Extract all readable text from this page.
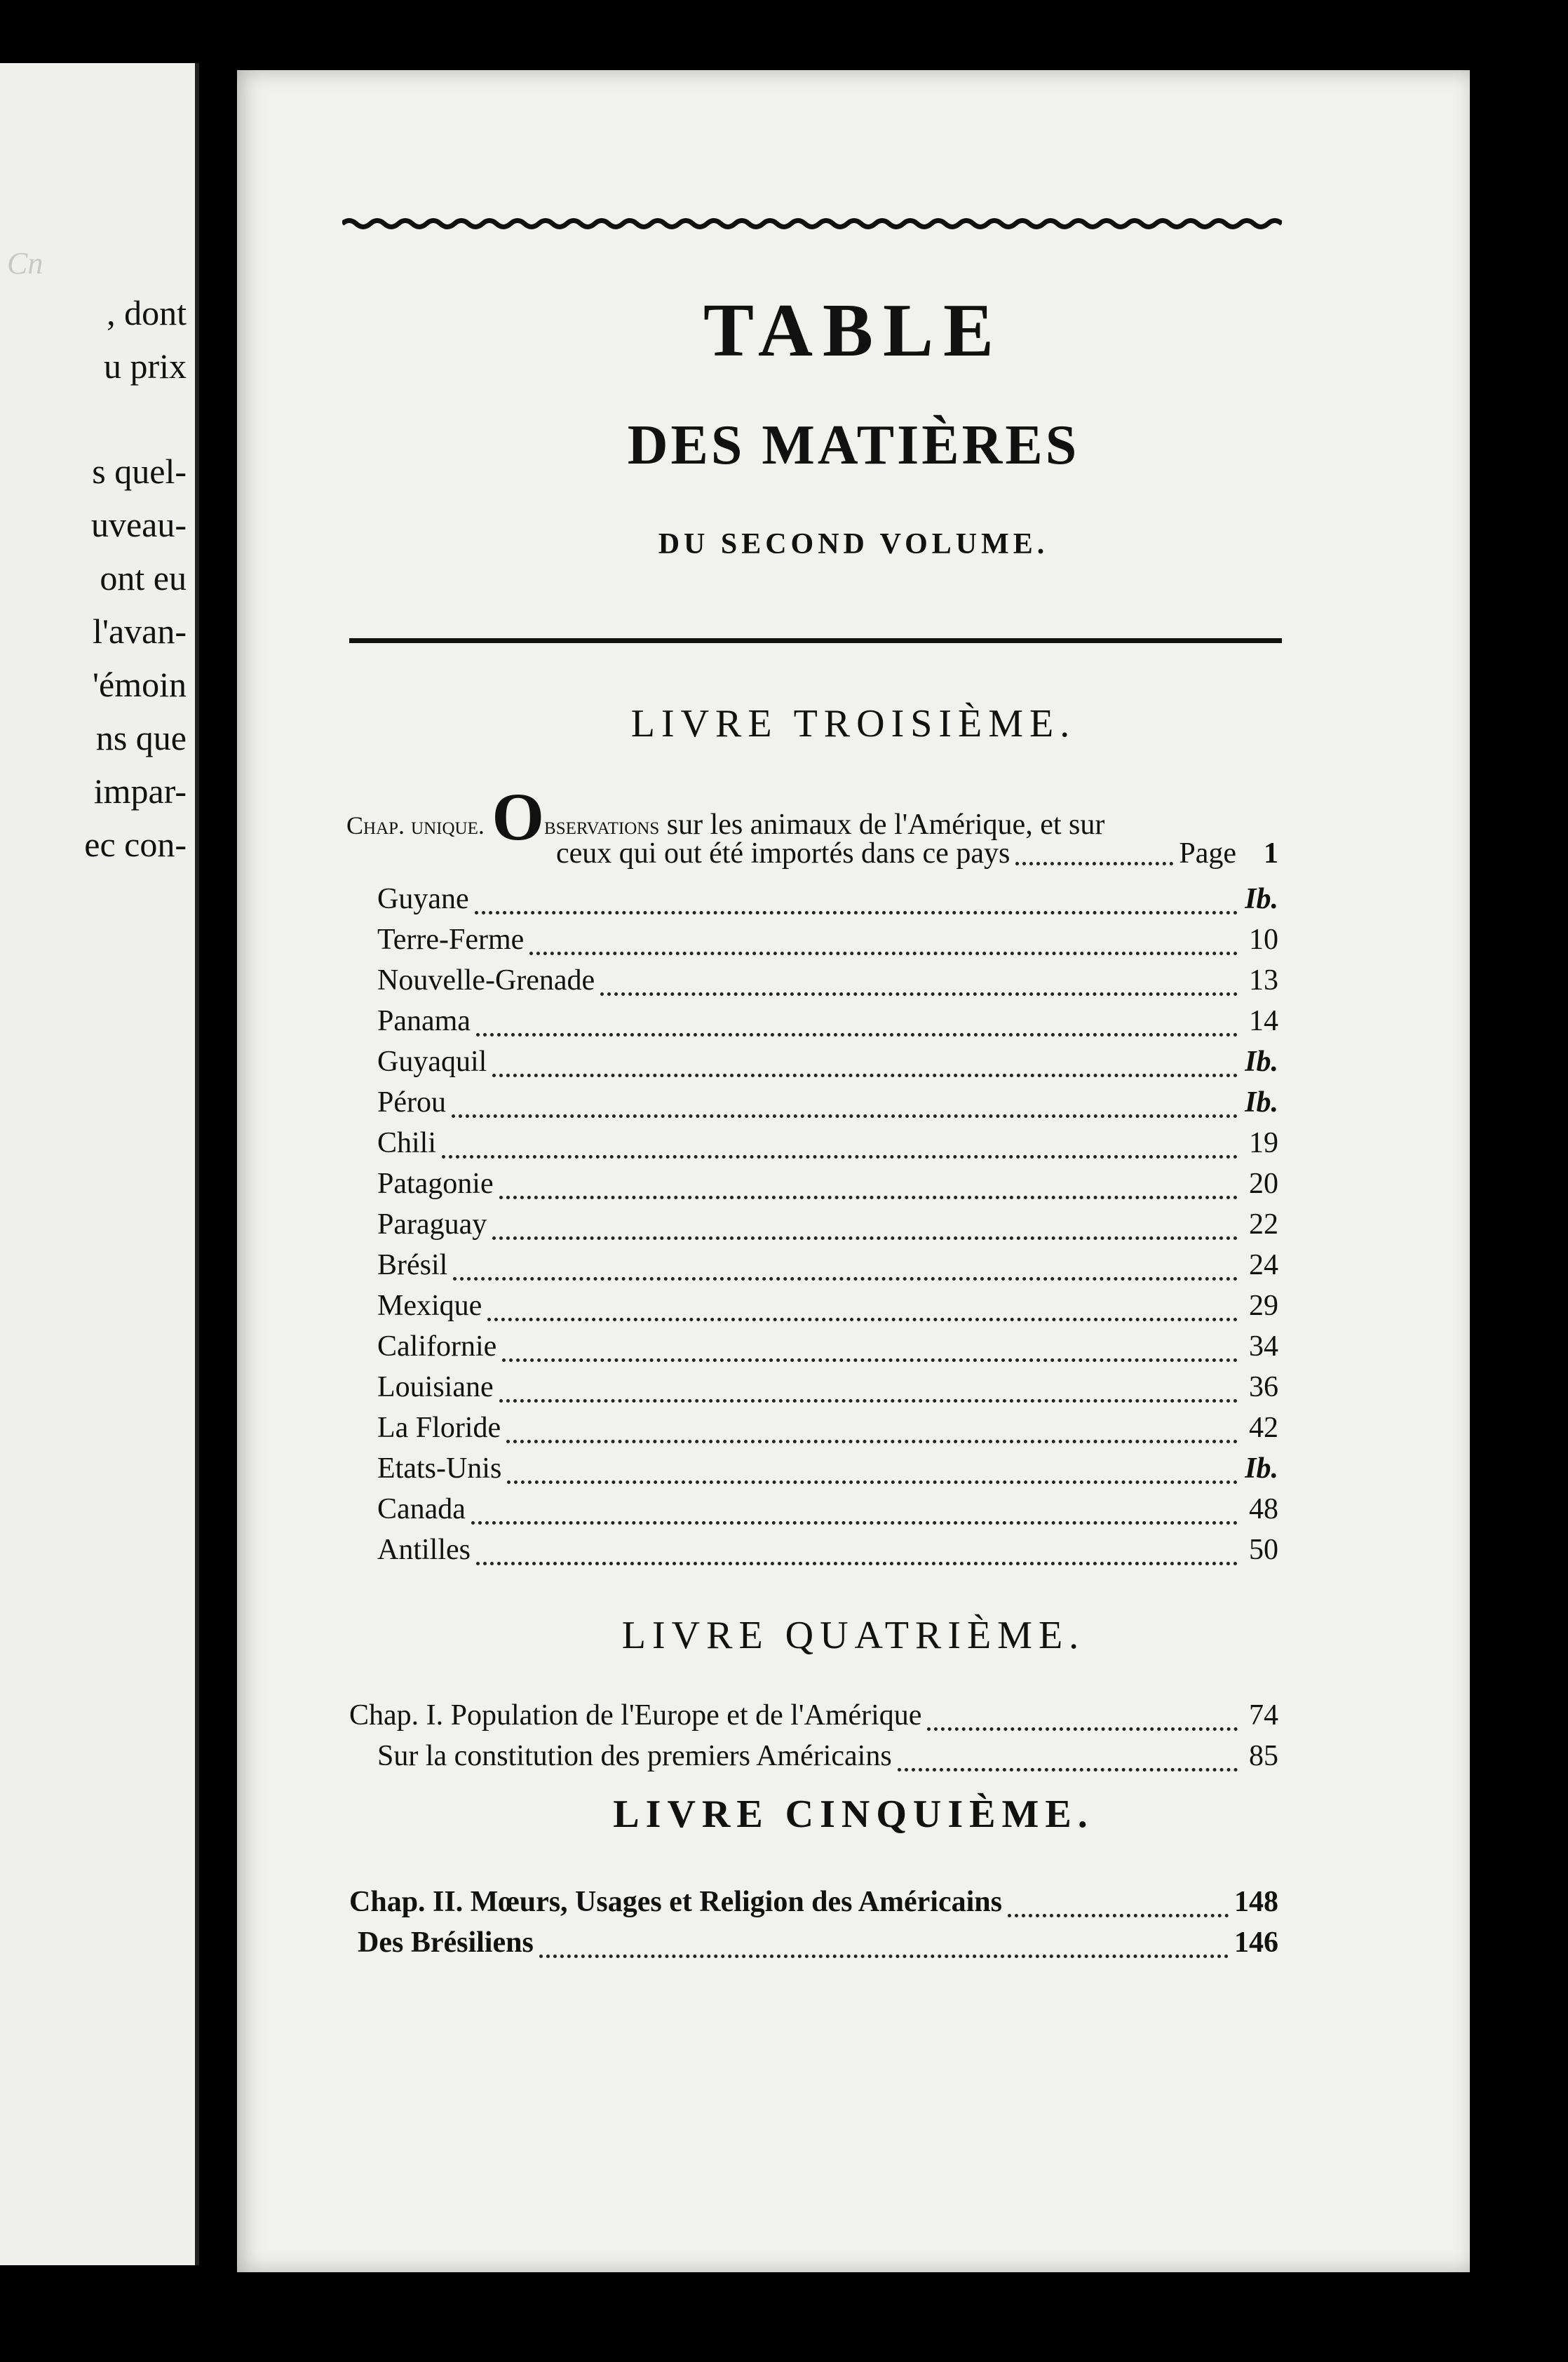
Cn
, dont
u prix
s quel-
uveau-
ont eu
l'avan-
'émoin
ns que
impar-
ec con-
TABLE
DES MATIÈRES
DU SECOND VOLUME.
LIVRE TROISIÈME.
Chap. unique. Observations sur les animaux de l'Amérique, et sur
ceux qui out été importés dans ce pays	Page 1
Guyane	Ib.
Terre-Ferme	10
Nouvelle-Grenade	13
Panama	14
Guyaquil	Ib.
Pérou	Ib.
Chili	19
Patagonie	20
Paraguay	22
Brésil	24
Mexique	29
Californie	34
Louisiane	36
La Floride	42
Etats-Unis	Ib.
Canada	48
Antilles	50
LIVRE QUATRIÈME.
Chap. I. Population de l'Europe et de l'Amérique	74
Sur la constitution des premiers Américains	85
LIVRE CINQUIÈME.
Chap. II. Mœurs, Usages et Religion des Américains	148
Des Brésiliens	146
